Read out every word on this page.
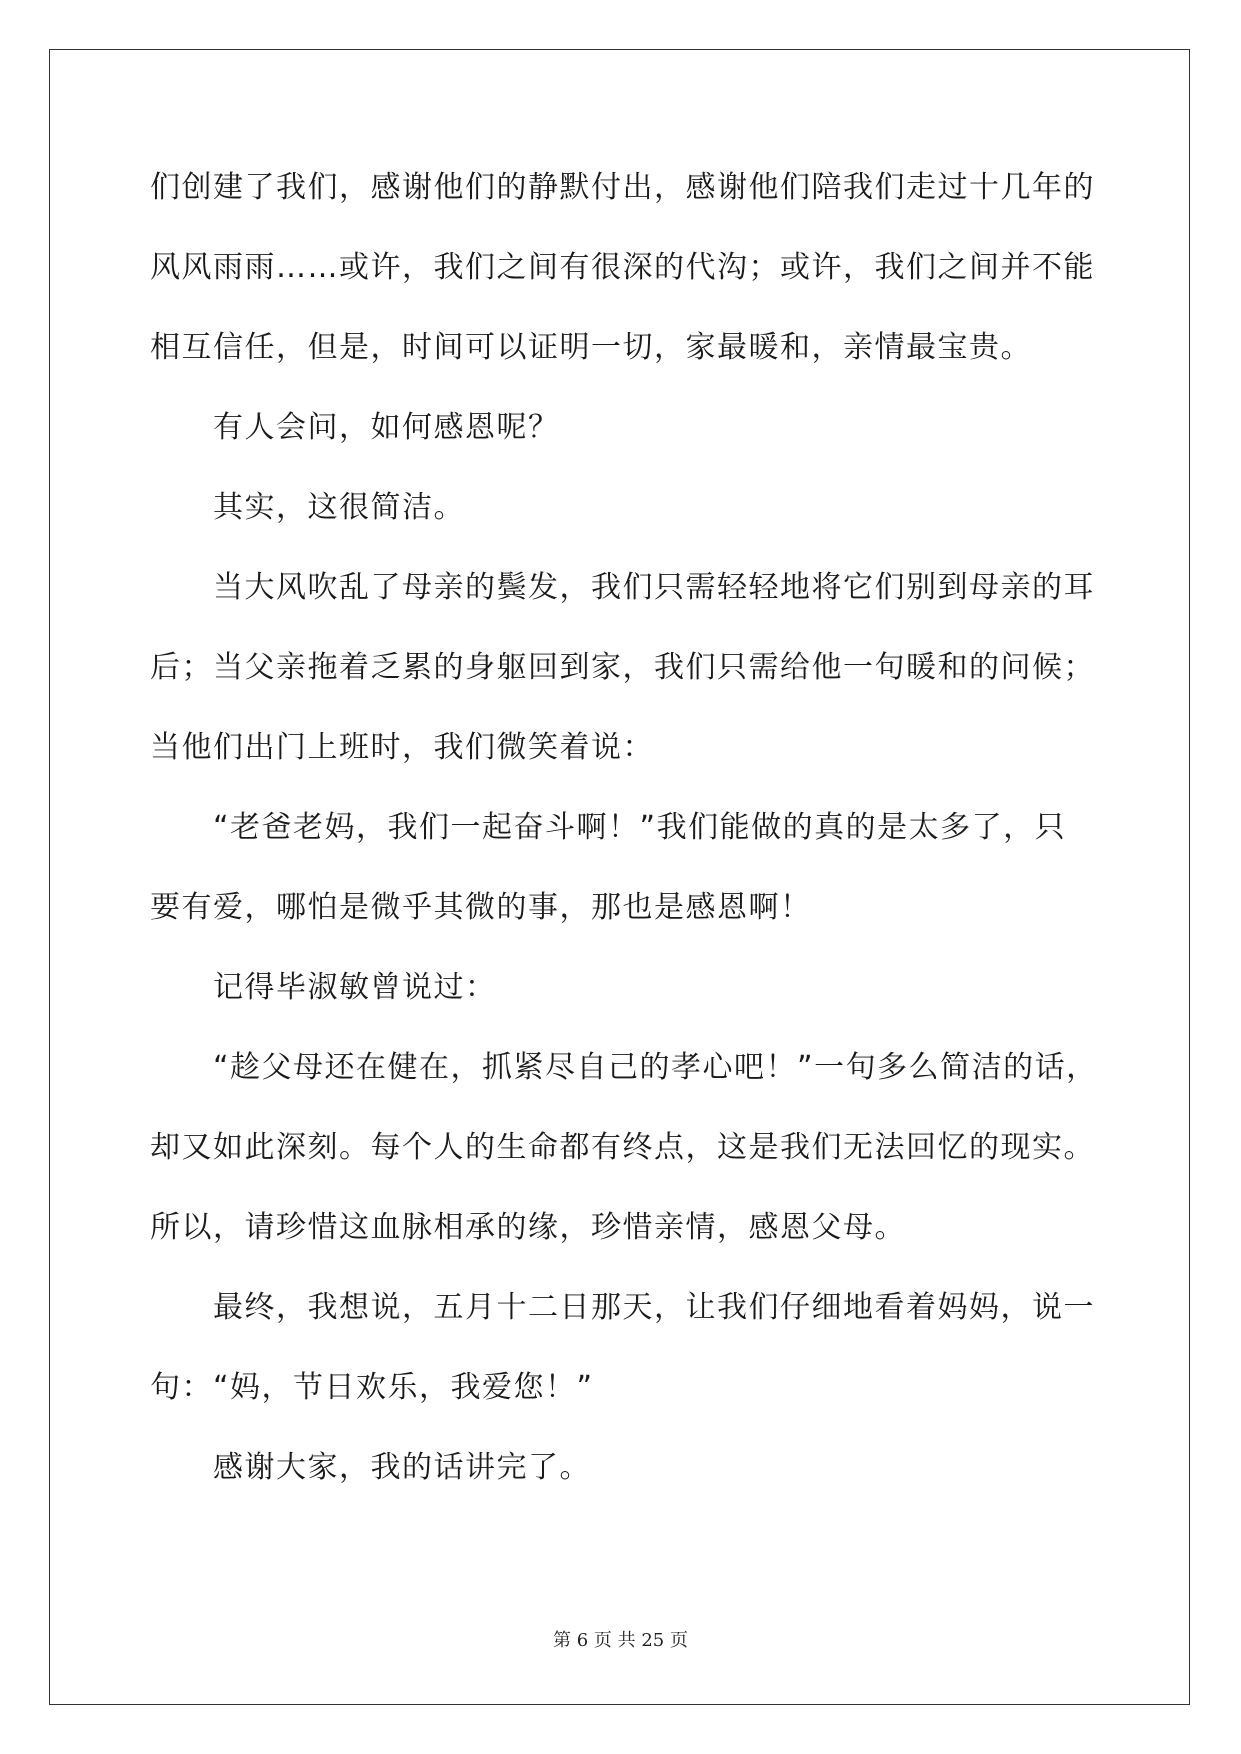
们创建了我们，感谢他们的静默付出，感谢他们陪我们走过十几年的
风风雨雨……或许，我们之间有很深的代沟；或许，我们之间并不能
相互信任，但是，时间可以证明一切，家最暖和，亲情最宝贵。
有人会问，如何感恩呢？
其实，这很简洁。
当大风吹乱了母亲的鬓发，我们只需轻轻地将它们别到母亲的耳
后；当父亲拖着乏累的身躯回到家，我们只需给他一句暖和的问候；
当他们出门上班时，我们微笑着说：
“老爸老妈，我们一起奋斗啊！”我们能做的真的是太多了，只
要有爱，哪怕是微乎其微的事，那也是感恩啊！
记得毕淑敏曾说过：
“趁父母还在健在，抓紧尽自己的孝心吧！”一句多么简洁的话，
却又如此深刻。每个人的生命都有终点，这是我们无法回忆的现实。
所以，请珍惜这血脉相承的缘，珍惜亲情，感恩父母。
最终，我想说，五月十二日那天，让我们仔细地看着妈妈，说一
句：“妈，节日欢乐，我爱您！”
感谢大家，我的话讲完了。
第 6 页 共 25 页
